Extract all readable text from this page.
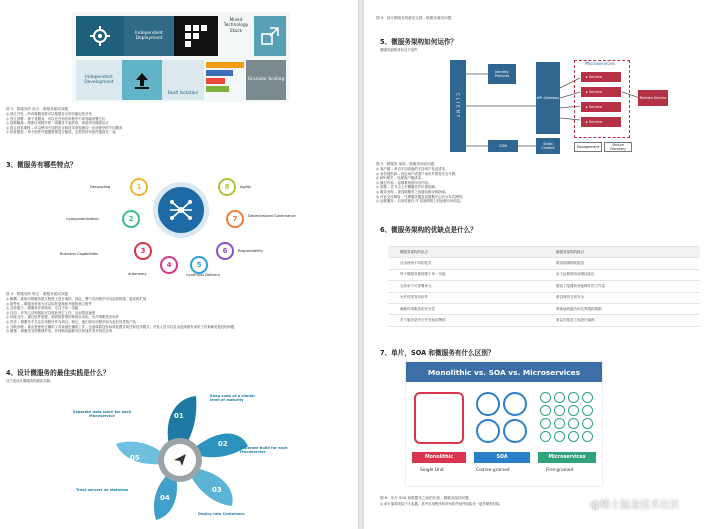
Independent Deployment
Mixed Technology Stack
Independent Development
Fault Isolation
Granular Scaling
图 2：微服务的 优点 - 微服务面试问题
◎ 独立开发 – 所有微服务都可以根据各自的功能轻松开发
◎ 独立部署 – 基于其服务，可以在任何应用程序中单独地部署它们
◎ 故障隔离 – 即使应用程序的一项服务不起作用，系统仍可继续运行
◎ 混合技术堆栈 – 可以使用不同的语言和技术来构建同一应用程序的不同服务
◎ 粒度缩放 – 单个组件可根据需要进行缩放，无需将所有组件缩放在一起
3、微服务有哪些特点？
1
Decoupling
2
Componentization
3
Business Capabilities
4
Autonomy
5
Continous Delivery
6	Responsibility
7	Decentralized Governance
8	Agility
图 3：微服务的 特点 - 微服务面试问题
◎ 解耦 – 系统内的服务很大程度上是分离的。因此，整个应用程序可以轻松构建，更改和扩展
◎ 组件化 – 微服务被视为可以轻松更换和升级的独立组件
◎ 业务能力 – 微服务非常简单，专注于单一功能
◎ 自治 – 开发人员和团队可以彼此独立工作，从而提高速度
◎ 持续交付 – 通过软件创建，测试和批准的系统自动化，允许频繁发布软件
◎ 责任 – 微服务不关注应用程序作为项目。相反，他们将应用程序视为他们负责的产品
◎ 分散治理 – 重点是使用正确的工具来做正确的工作。这意味着没有标准化模式或任何技术模式。开发人员可以自由选择最有用的工具来解决他们的问题
◎ 敏捷 – 微服务支持敏捷开发。任何新功能都可以快速开发并再次丢弃
4、设计微服务的最佳实践是什么？
以下是设计微服务的最佳实践：
01
02
03
04
05
Separate data store for each Microservice
Keep code at a similar level of maturity
Separate build for each Microservice
Deploy into Containers
Treat servers as stateless
图 4：设计微服务的最佳实践 - 微服务面试问题
5、微服务架构如何运作？
微服务架构具有以下组件：
CLIENT
Identity Provider
API Gateway
CDN	Static Content
Microservices
▸ Service
▸ Service
▸ Service
▸ Service
Remote Service
Management	Service Discovery
图 5：微服务 架构 - 微服务面试问题
◎ 客户端 – 来自不同设备的不同用户发送请求。
◎ 身份提供商 – 验证用户或客户身份并颁发安全令牌。
◎ API 网关 – 处理客户端请求。
◎ 静态内容 – 容纳系统的所有内容。
◎ 管理 – 在节点上平衡服务并识别故障。
◎ 服务发现 – 查找微服务之间通信路径的指南。
◎ 内容交付网络 – 代理服务器及其数据中心的分布式网络。
◎ 远程服务 – 启用驻留在 IT 设备网络上的远程访问信息。
6、微服务架构的优缺点是什么？
微服务架构的优点	微服务架构的缺点
自由使用不同的技术	增加故障排除挑战
每个微服务都侧重于单一功能	由于远程调用而增加延迟
支持单个可部署单元	增加了配置和其他操作的工作量
允许经常发布软件	难以保持交易安全
确保每项服务的安全性	艰难地跨越各种边界跟踪数据
多个服务是并行开发和部署的	难以在服务之间进行编码
7、单片，SOA 和微服务有什么区别？
Monolithic vs. SOA vs. Microservices
Monolithic
Single Unit
SOA
Coarse-grained
Microservices
Fine-grained
图 6：单片 SOA 和微服务之间的比较 - 微服务面试问题
◎ 单片架构类似于大容器，其中应用程序的所有软件组件组装在一起并紧密封装。	@稀土掘金技术社区
